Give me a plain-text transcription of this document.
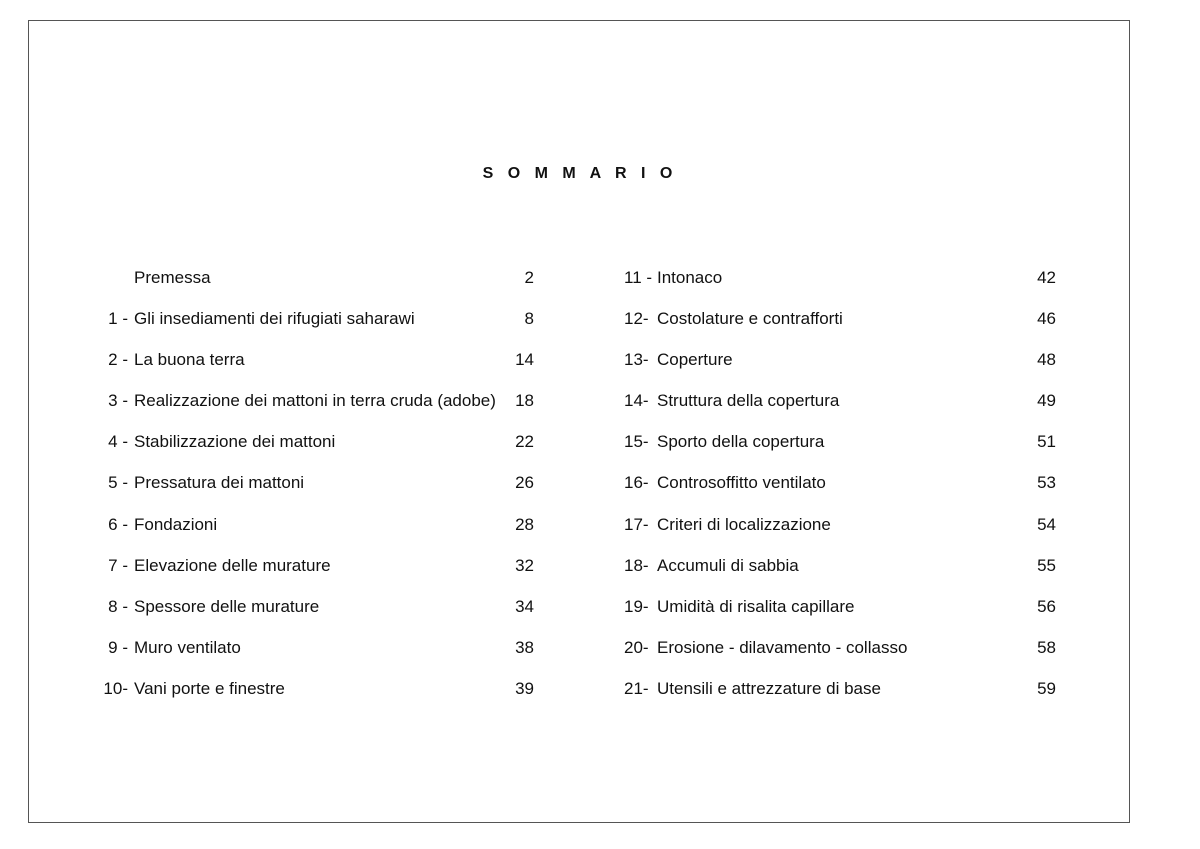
S O M M A R I O
Premessa	2
1 - Gli insediamenti dei rifugiati saharawi	8
2 - La buona terra	14
3 - Realizzazione dei mattoni in terra cruda (adobe) 18
4 - Stabilizzazione dei mattoni	22
5 - Pressatura dei mattoni	26
6 - Fondazioni	28
7 - Elevazione delle murature	32
8 - Spessore delle murature	34
9 - Muro ventilato	38
10- Vani porte e finestre	39
11 - Intonaco	42
12- Costolature e contrafforti	46
13- Coperture	48
14- Struttura della copertura	49
15- Sporto della copertura	51
16- Controsoffitto ventilato	53
17- Criteri di localizzazione	54
18- Accumuli di sabbia	55
19- Umidità di risalita capillare	56
20- Erosione - dilavamento - collasso	58
21- Utensili e attrezzature di base	59
